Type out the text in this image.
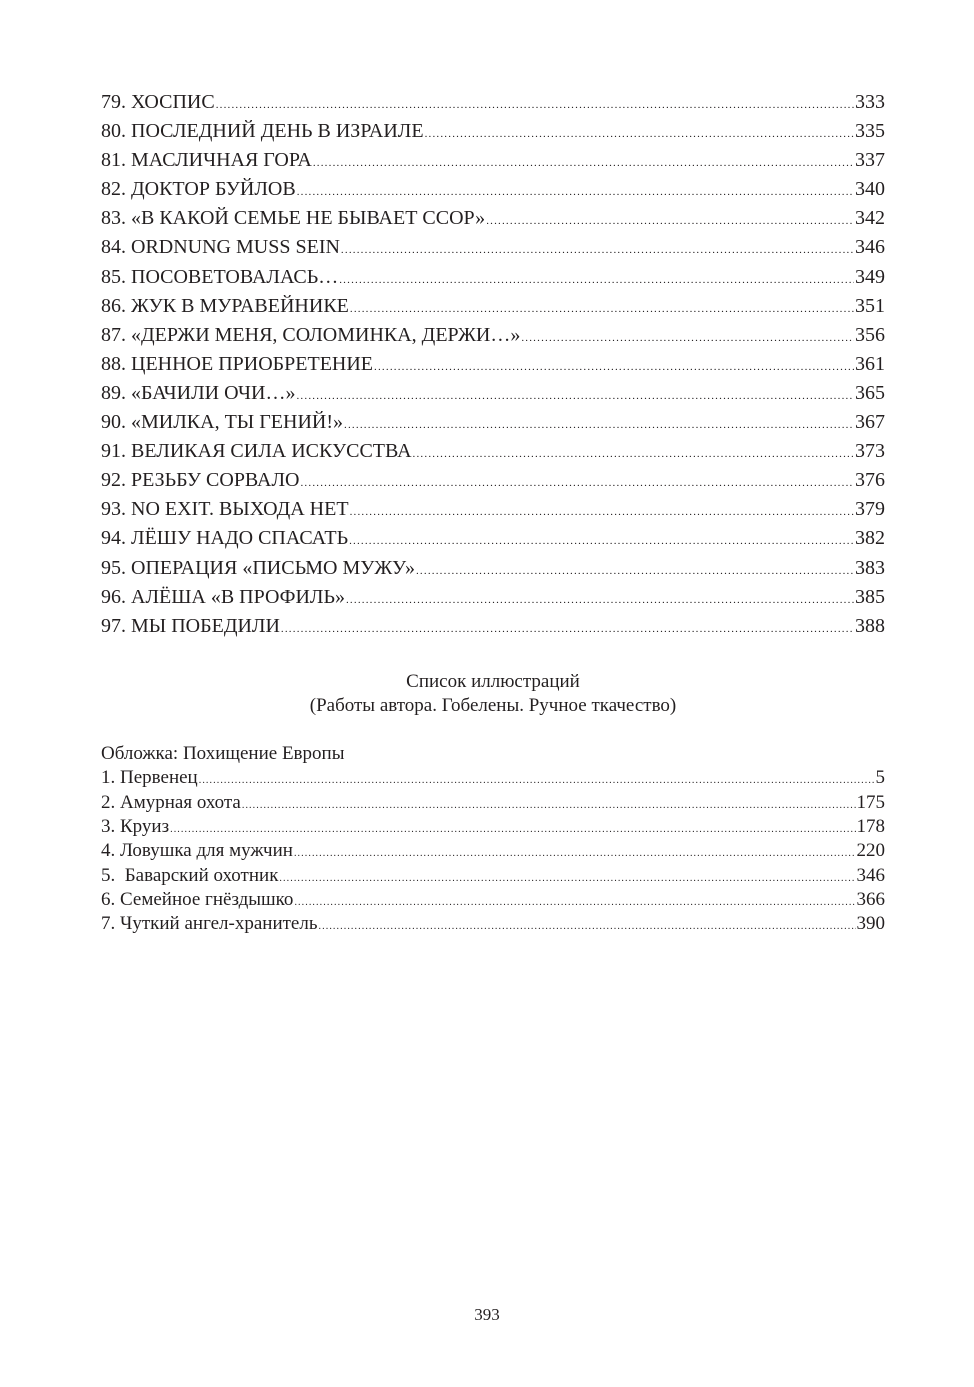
79. ХОСПИС .....	333
80. ПОСЛЕДНИЙ ДЕНЬ В ИЗРАИЛЕ .....	335
81. МАСЛИЧНАЯ ГОРА .....	337
82. ДОКТОР БУЙЛОВ .....	340
83. «В КАКОЙ СЕМЬЕ НЕ БЫВАЕТ ССОР» .....	342
84. ORDNUNG MUSS SEIN .....	346
85. ПОСОВЕТОВАЛАСЬ… .....	349
86. ЖУК В МУРАВЕЙНИКЕ .....	351
87. «ДЕРЖИ МЕНЯ, СОЛОМИНКА, ДЕРЖИ…» .....	356
88. ЦЕННОЕ ПРИОБРЕТЕНИЕ .....	361
89. «БАЧИЛИ ОЧИ…» .....	365
90. «МИЛКА, ТЫ ГЕНИЙ!» .....	367
91. ВЕЛИКАЯ СИЛА ИСКУССТВА .....	373
92. РЕЗЬБУ СОРВАЛО .....	376
93. NO EXIT. ВЫХОДА НЕТ .....	379
94. ЛЁШУ НАДО СПАСАТЬ .....	382
95. ОПЕРАЦИЯ «ПИСЬМО МУЖУ» .....	383
96. АЛЁША «В ПРОФИЛЬ» .....	385
97. МЫ ПОБЕДИЛИ .....	388
Список иллюстраций
(Работы автора. Гобелены. Ручное ткачество)
Обложка: Похищение Европы
1. Первенец .....	5
2. Амурная охота .....	175
3. Круиз .....	178
4. Ловушка для мужчин .....	220
5.  Баварский охотник .....	346
6. Семейное гнёздышко .....	366
7. Чуткий ангел-хранитель .....	390
393
